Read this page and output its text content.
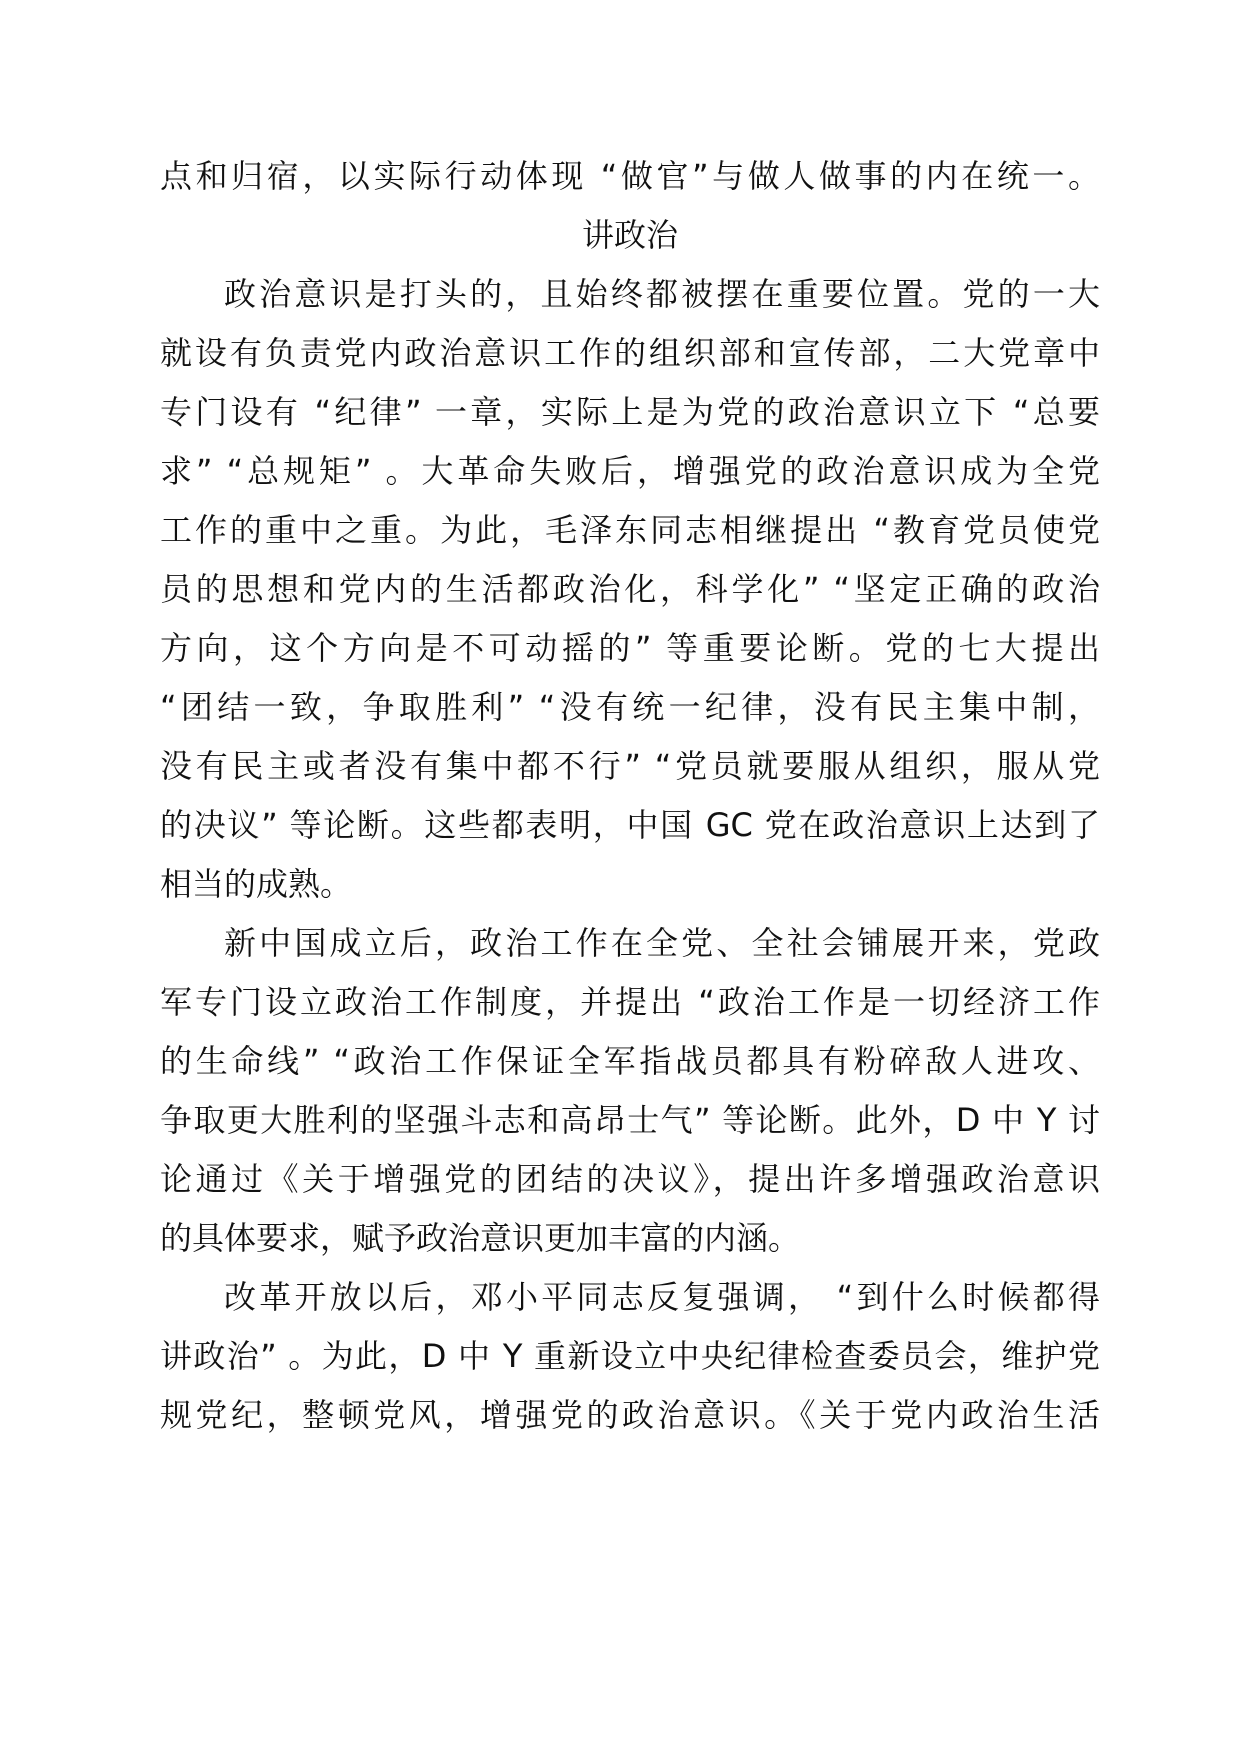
点和归宿，以实际行动体现 “做官”与做人做事的内在统一。
讲政治
政治意识是打头的，且始终都被摆在重要位置。党的一大
就设有负责党内政治意识工作的组织部和宣传部，二大党章中
专门设有 “纪律” 一章，实际上是为党的政治意识立下 “总要
求” “总规矩” 。大革命失败后，增强党的政治意识成为全党
工作的重中之重。为此，毛泽东同志相继提出 “教育党员使党
员的思想和党内的生活都政治化，科学化” “坚定正确的政治
方向，这个方向是不可动摇的” 等重要论断。党的七大提出
“团结一致，争取胜利” “没有统一纪律，没有民主集中制，
没有民主或者没有集中都不行” “党员就要服从组织，服从党
的决议” 等论断。这些都表明，中国 GC 党在政治意识上达到了
相当的成熟。
新中国成立后，政治工作在全党、全社会铺展开来，党政
军专门设立政治工作制度，并提出 “政治工作是一切经济工作
的生命线” “政治工作保证全军指战员都具有粉碎敌人进攻、
争取更大胜利的坚强斗志和高昂士气” 等论断。此外，D 中 Y 讨
论通过《关于增强党的团结的决议》，提出许多增强政治意识
的具体要求，赋予政治意识更加丰富的内涵。
改革开放以后，邓小平同志反复强调， “到什么时候都得
讲政治” 。为此，D 中 Y 重新设立中央纪律检查委员会，维护党
规党纪，整顿党风，增强党的政治意识。《关于党内政治生活
